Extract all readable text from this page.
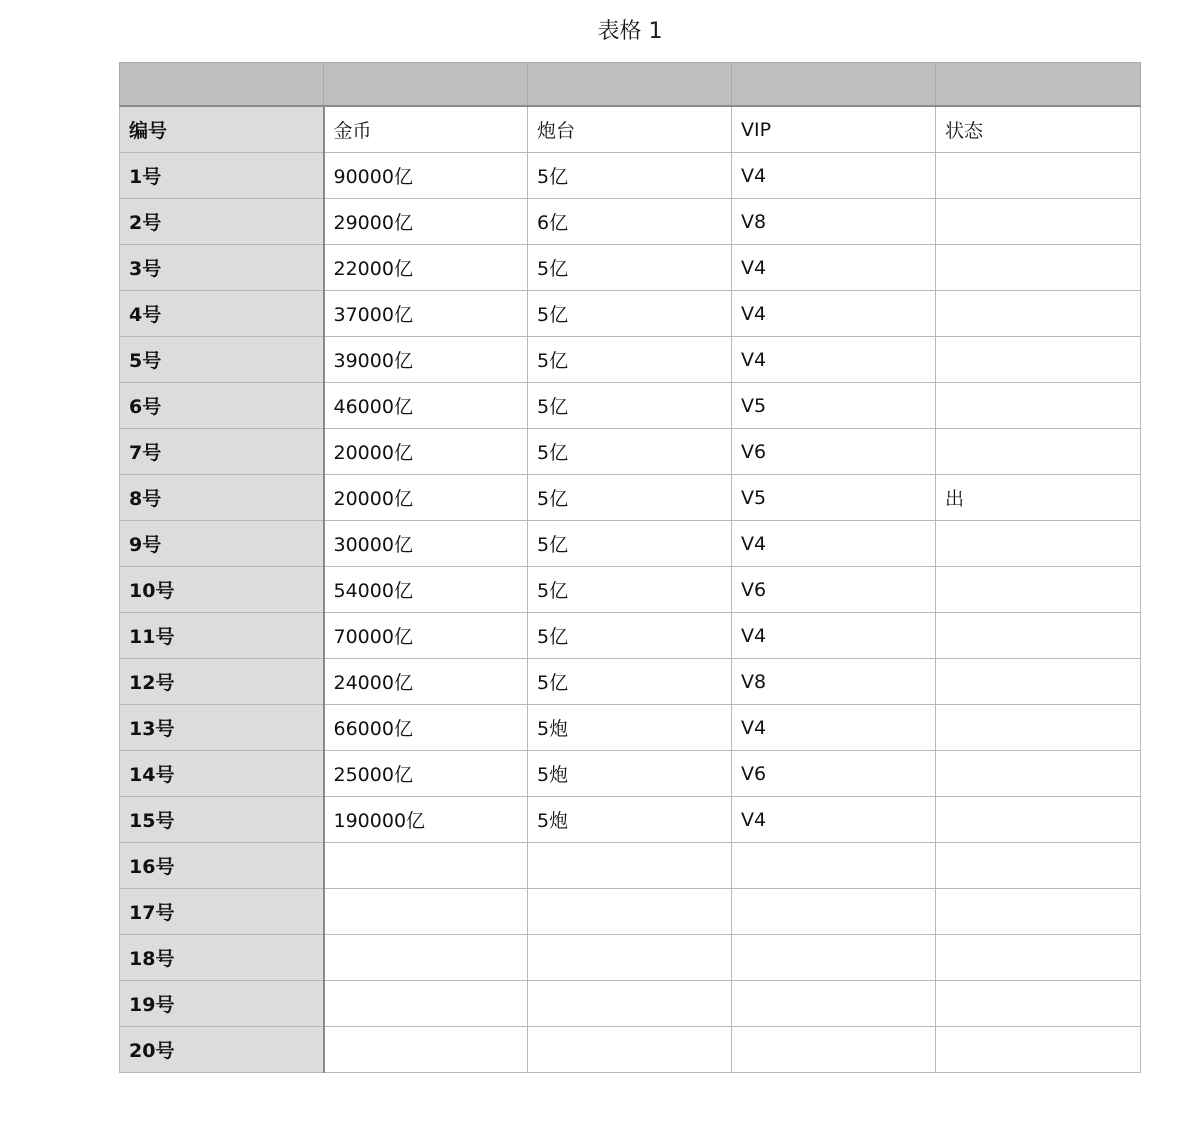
表格 1

编号	金币	炮台	VIP	状态
1号	90000亿	5亿	V4	
2号	29000亿	6亿	V8	
3号	22000亿	5亿	V4	
4号	37000亿	5亿	V4	
5号	39000亿	5亿	V4	
6号	46000亿	5亿	V5	
7号	20000亿	5亿	V6	
8号	20000亿	5亿	V5	出
9号	30000亿	5亿	V4	
10号	54000亿	5亿	V6	
11号	70000亿	5亿	V4	
12号	24000亿	5亿	V8	
13号	66000亿	5炮	V4	
14号	25000亿	5炮	V6	
15号	190000亿	5炮	V4	
16号				
17号				
18号				
19号				
20号				
